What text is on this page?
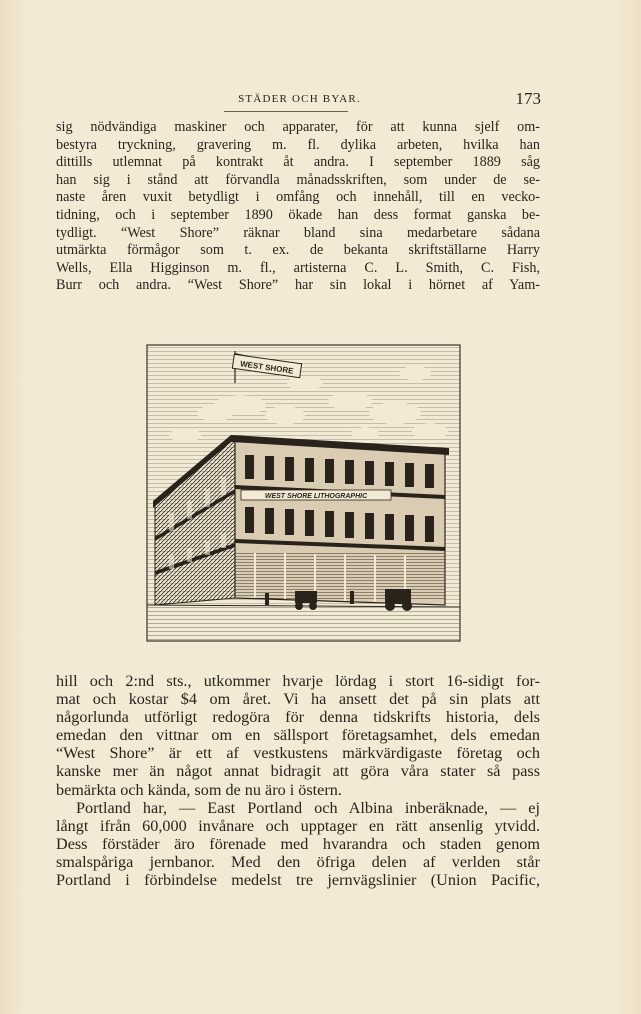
STÄDER OCH BYAR.	173
sig nödvändiga maskiner och apparater, för att kunna sjelf om-
bestyra tryckning, gravering m. fl. dylika arbeten, hvilka han
dittills utlemnat på kontrakt åt andra. I september 1889 såg
han sig i stånd att förvandla månadsskriften, som under de se-
naste åren vuxit betydligt i omfång och innehåll, till en vecko-
tidning, och i september 1890 ökade han dess format ganska be-
tydligt. “West Shore” räknar bland sina medarbetare sådana
utmärkta förmågor som t. ex. de bekanta skriftställarne Harry
Wells, Ella Higginson m. fl., artisterna C. L. Smith, C. Fish,
Burr och andra. “West Shore” har sin lokal i hörnet af Yam-
WEST SHORE
WEST SHORE LITHOGRAPHIC
hill och 2:nd sts., utkommer hvarje lördag i stort 16-sidigt for-
mat och kostar $4 om året. Vi ha ansett det på sin plats att
någorlunda utförligt redogöra för denna tidskrifts historia, dels
emedan den vittnar om en sällsport företagsamhet, dels emedan
“West Shore” är ett af vestkustens märkvärdigaste företag och
kanske mer än något annat bidragit att göra våra stater så pass
bemärkta och kända, som de nu äro i östern.
Portland har, — East Portland och Albina inberäknade, — ej
långt ifrån 60,000 invånare och upptager en rätt ansenlig ytvidd.
Dess förstäder äro förenade med hvarandra och staden genom
smalspåriga jernbanor. Med den öfriga delen af verlden står
Portland i förbindelse medelst tre jernvägslinier (Union Pacific,
